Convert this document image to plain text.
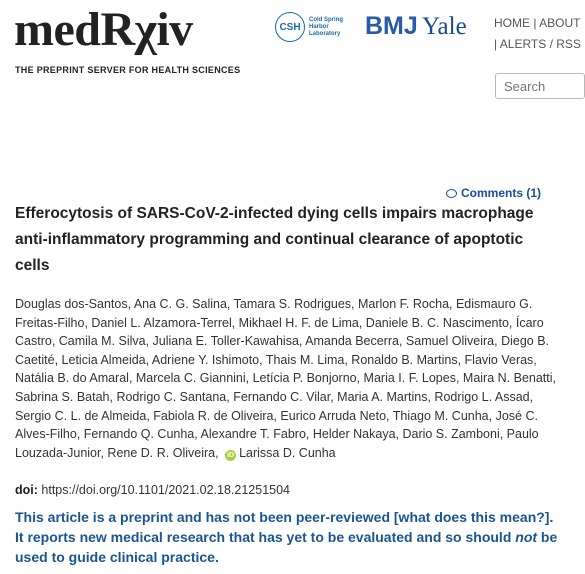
medRχiv
THE PREPRINT SERVER FOR HEALTH SCIENCES
CSH
Cold Spring Harbor Laboratory BMJ Yale HOME | ABOUT
| ALERTS / RSS
Search
Comments (1)
Efferocytosis of SARS-CoV-2-infected dying cells impairs macrophage anti-inflammatory programming and continual clearance of apoptotic cells
Douglas dos-Santos, Ana C. G. Salina, Tamara S. Rodrigues, Marlon F. Rocha, Edismauro G. Freitas-Filho, Daniel L. Alzamora-Terrel, Mikhael H. F. de Lima, Daniele B. C. Nascimento, Ícaro Castro, Camila M. Silva, Juliana E. Toller-Kawahisa, Amanda Becerra, Samuel Oliveira, Diego B. Caetité, Leticia Almeida, Adriene Y. Ishimoto, Thais M. Lima, Ronaldo B. Martins, Flavio Veras, Natália B. do Amaral, Marcela C. Giannini, Letícia P. Bonjorno, Maria I. F. Lopes, Maira N. Benatti, Sabrina S. Batah, Rodrigo C. Santana, Fernando C. Vilar, Maria A. Martins, Rodrigo L. Assad, Sergio C. L. de Almeida, Fabiola R. de Oliveira, Eurico Arruda Neto, Thiago M. Cunha, José C. Alves-Filho, Fernando Q. Cunha, Alexandre T. Fabro, Helder Nakaya, Dario S. Zamboni, Paulo Louzada-Junior, Rene D. R. Oliveira, iD Larissa D. Cunha
doi: https://doi.org/10.1101/2021.02.18.21251504
This article is a preprint and has not been peer-reviewed [what does this mean?]. It reports new medical research that has yet to be evaluated and so should not be used to guide clinical practice.
